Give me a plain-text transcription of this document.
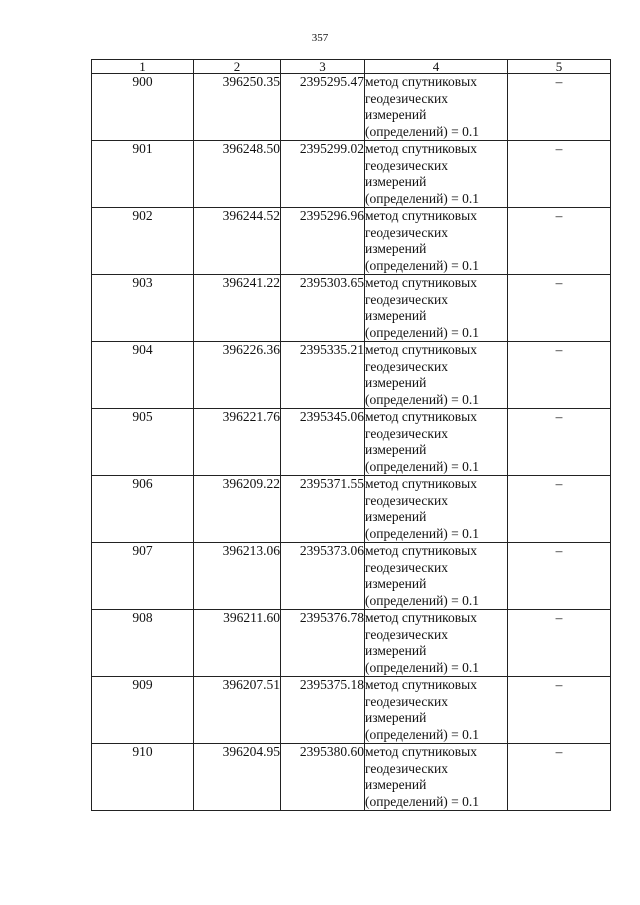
357
1	2	3	4	5
900	396250.35	2395295.47	метод спутниковых
геодезических
измерений
(определений) = 0.1	–
901	396248.50	2395299.02	метод спутниковых
геодезических
измерений
(определений) = 0.1	–
902	396244.52	2395296.96	метод спутниковых
геодезических
измерений
(определений) = 0.1	–
903	396241.22	2395303.65	метод спутниковых
геодезических
измерений
(определений) = 0.1	–
904	396226.36	2395335.21	метод спутниковых
геодезических
измерений
(определений) = 0.1	–
905	396221.76	2395345.06	метод спутниковых
геодезических
измерений
(определений) = 0.1	–
906	396209.22	2395371.55	метод спутниковых
геодезических
измерений
(определений) = 0.1	–
907	396213.06	2395373.06	метод спутниковых
геодезических
измерений
(определений) = 0.1	–
908	396211.60	2395376.78	метод спутниковых
геодезических
измерений
(определений) = 0.1	–
909	396207.51	2395375.18	метод спутниковых
геодезических
измерений
(определений) = 0.1	–
910	396204.95	2395380.60	метод спутниковых
геодезических
измерений
(определений) = 0.1	–
